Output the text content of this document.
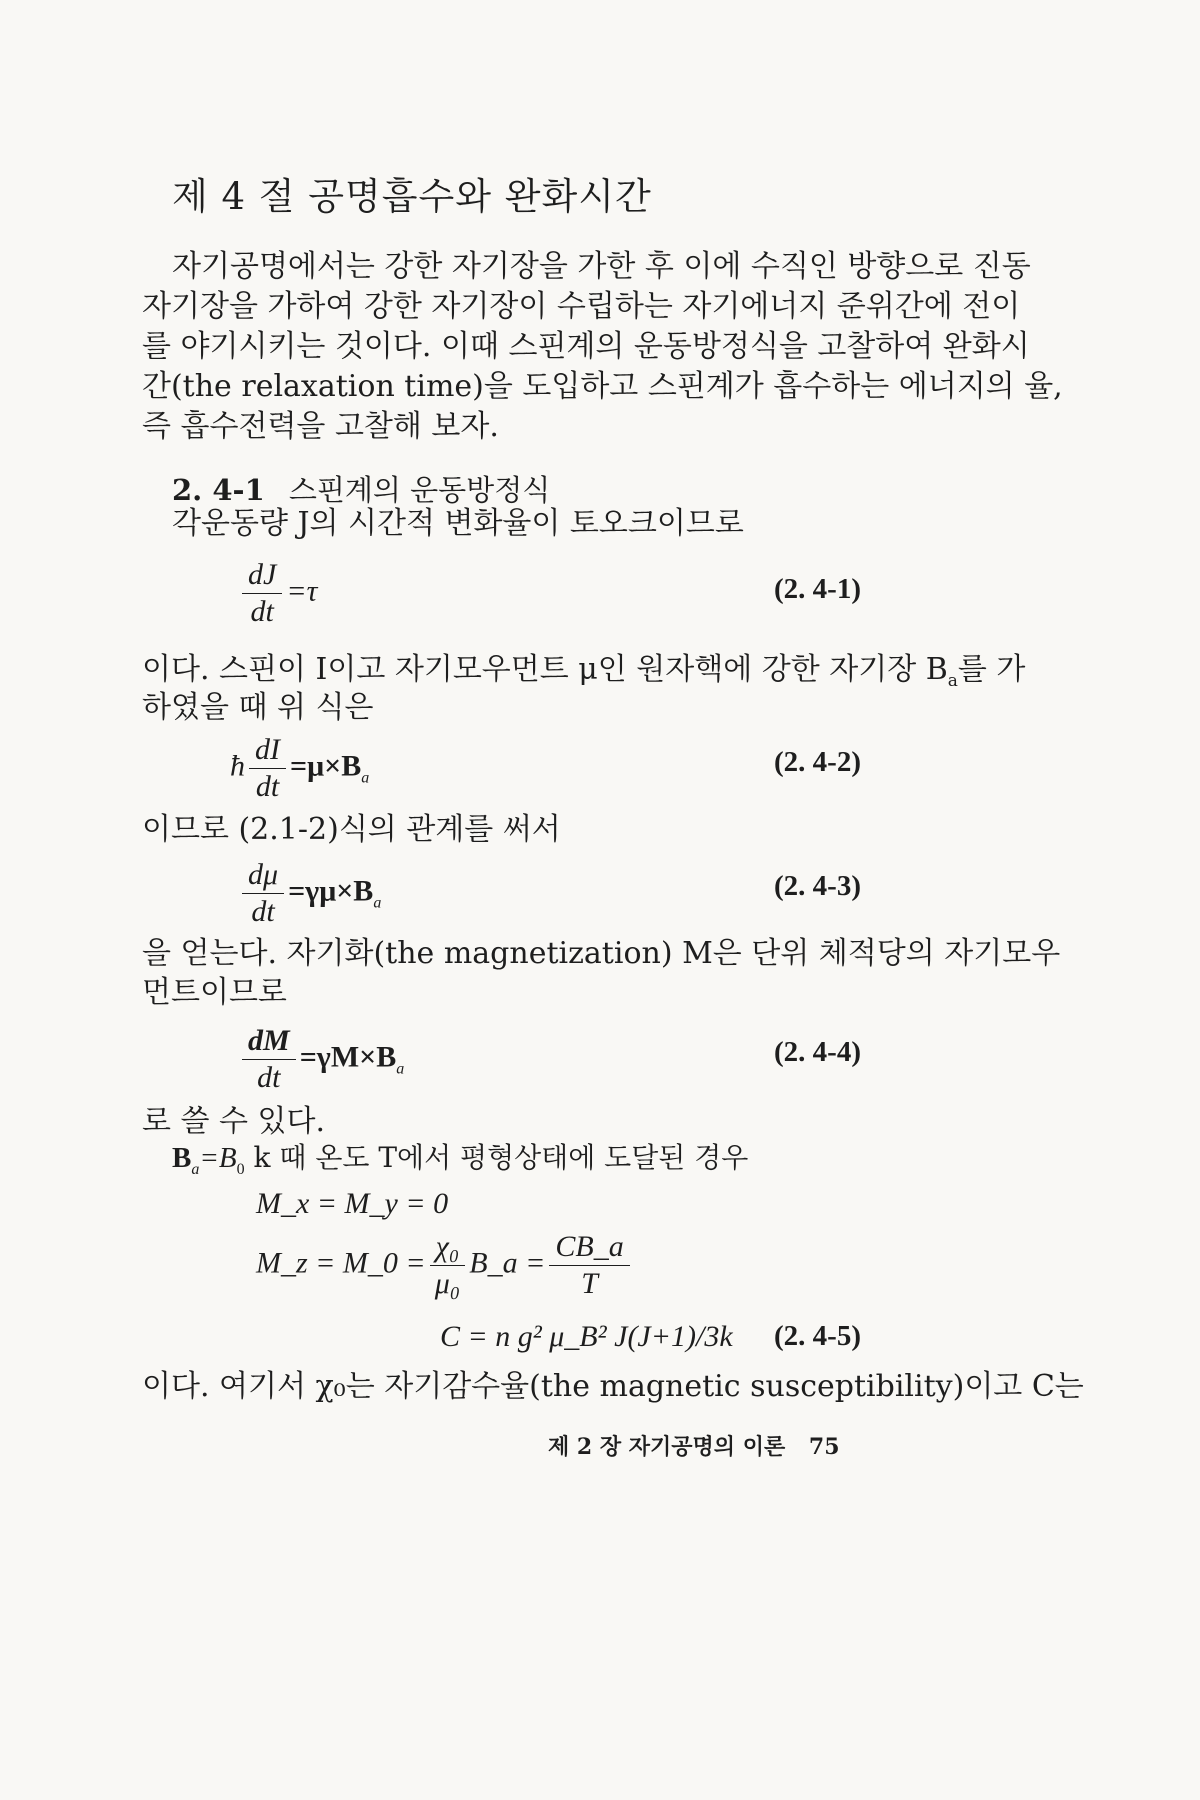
제 4 절 공명흡수와 완화시간
자기공명에서는 강한 자기장을 가한 후 이에 수직인 방향으로 진동
자기장을 가하여 강한 자기장이 수립하는 자기에너지 준위간에 전이
를 야기시키는 것이다. 이때 스핀계의 운동방정식을 고찰하여 완화시
간(the relaxation time)을 도입하고 스핀계가 흡수하는 에너지의 율,
즉 흡수전력을 고찰해 보자.
2. 4-1 스핀계의 운동방정식
각운동량 J의 시간적 변화율이 토오크이므로
$\frac{dJ}{dt} =\tau$	(2. 4-1)
이다. 스핀이 I이고 자기모우먼트 μ인 원자핵에 강한 자기장 $B_a$를 가
하였을 때 위 식은
ħ $\frac{dI}{dt} =\mu\times B_a$	(2. 4-2)
이므로 (2.1-2)식의 관계를 써서
$\frac{d\mu}{dt} =\gamma\mu\times B_a$
(2. 4-3)
을 얻는다. 자기화(the magnetization) M은 단위 체적당의 자기모우
먼트이므로
$\frac{dM}{dt} =\gamma M\times B_a$
(2. 4-4)
로 쓸 수 있다.
$B_a=B_0$ k 때 온도 T에서 평형상태에 도달된 경우
M_x = M_y = 0
M_z = M_0 = $\frac{\text{χ₀}}{\text{μ₀}}$ B_a = $\frac{CB\_a}{T}$
C = n g² μ_B² J(J+1)/3k (2. 4-5)
이다. 여기서 χ₀는 자기감수율(the magnetic susceptibility)이고 C는
제 2 장 자기공명의 이론 75
